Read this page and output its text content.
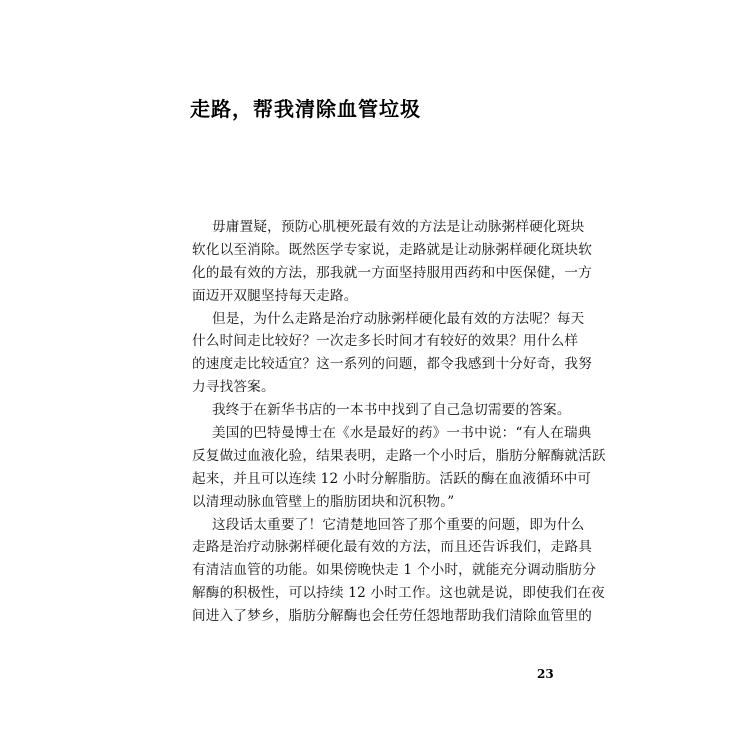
走路，帮我清除血管垃圾

毋庸置疑，预防心肌梗死最有效的方法是让动脉粥样硬化斑块
软化以至消除。既然医学专家说，走路就是让动脉粥样硬化斑块软
化的最有效的方法，那我就一方面坚持服用西药和中医保健，一方
面迈开双腿坚持每天走路。

但是，为什么走路是治疗动脉粥样硬化最有效的方法呢？每天
什么时间走比较好？一次走多长时间才有较好的效果？用什么样
的速度走比较适宜？这一系列的问题，都令我感到十分好奇，我努
力寻找答案。

我终于在新华书店的一本书中找到了自己急切需要的答案。

美国的巴特曼博士在《水是最好的药》一书中说：“有人在瑞典
反复做过血液化验，结果表明，走路一个小时后，脂肪分解酶就活跃
起来，并且可以连续 12 小时分解脂肪。活跃的酶在血液循环中可
以清理动脉血管壁上的脂肪团块和沉积物。”

这段话太重要了！它清楚地回答了那个重要的问题，即为什么
走路是治疗动脉粥样硬化最有效的方法，而且还告诉我们，走路具
有清洁血管的功能。如果傍晚快走 1 个小时，就能充分调动脂肪分
解酶的积极性，可以持续 12 小时工作。这也就是说，即使我们在夜
间进入了梦乡，脂肪分解酶也会任劳任怨地帮助我们清除血管里的

23
